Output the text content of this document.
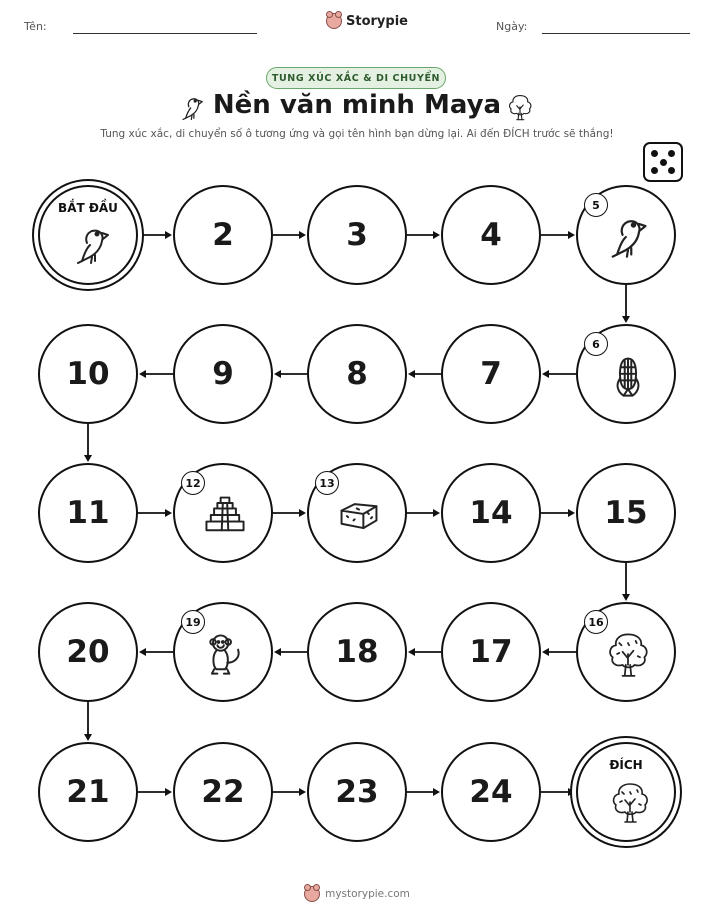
Tên:	Storypie	Ngày:
TUNG XÚC XẮC & DI CHUYỂN
Nền văn minh Maya
Tung xúc xắc, di chuyển số ô tương ứng và gọi tên hình bạn dừng lại. Ai đến ĐÍCH trước sẽ thắng!
BẮT ĐẦU
2	3	4
5
6
7
8
9
10
11
12	13
14	15
16
17
18
19
20
21	22	23	24
ĐÍCH
mystorypie.com
